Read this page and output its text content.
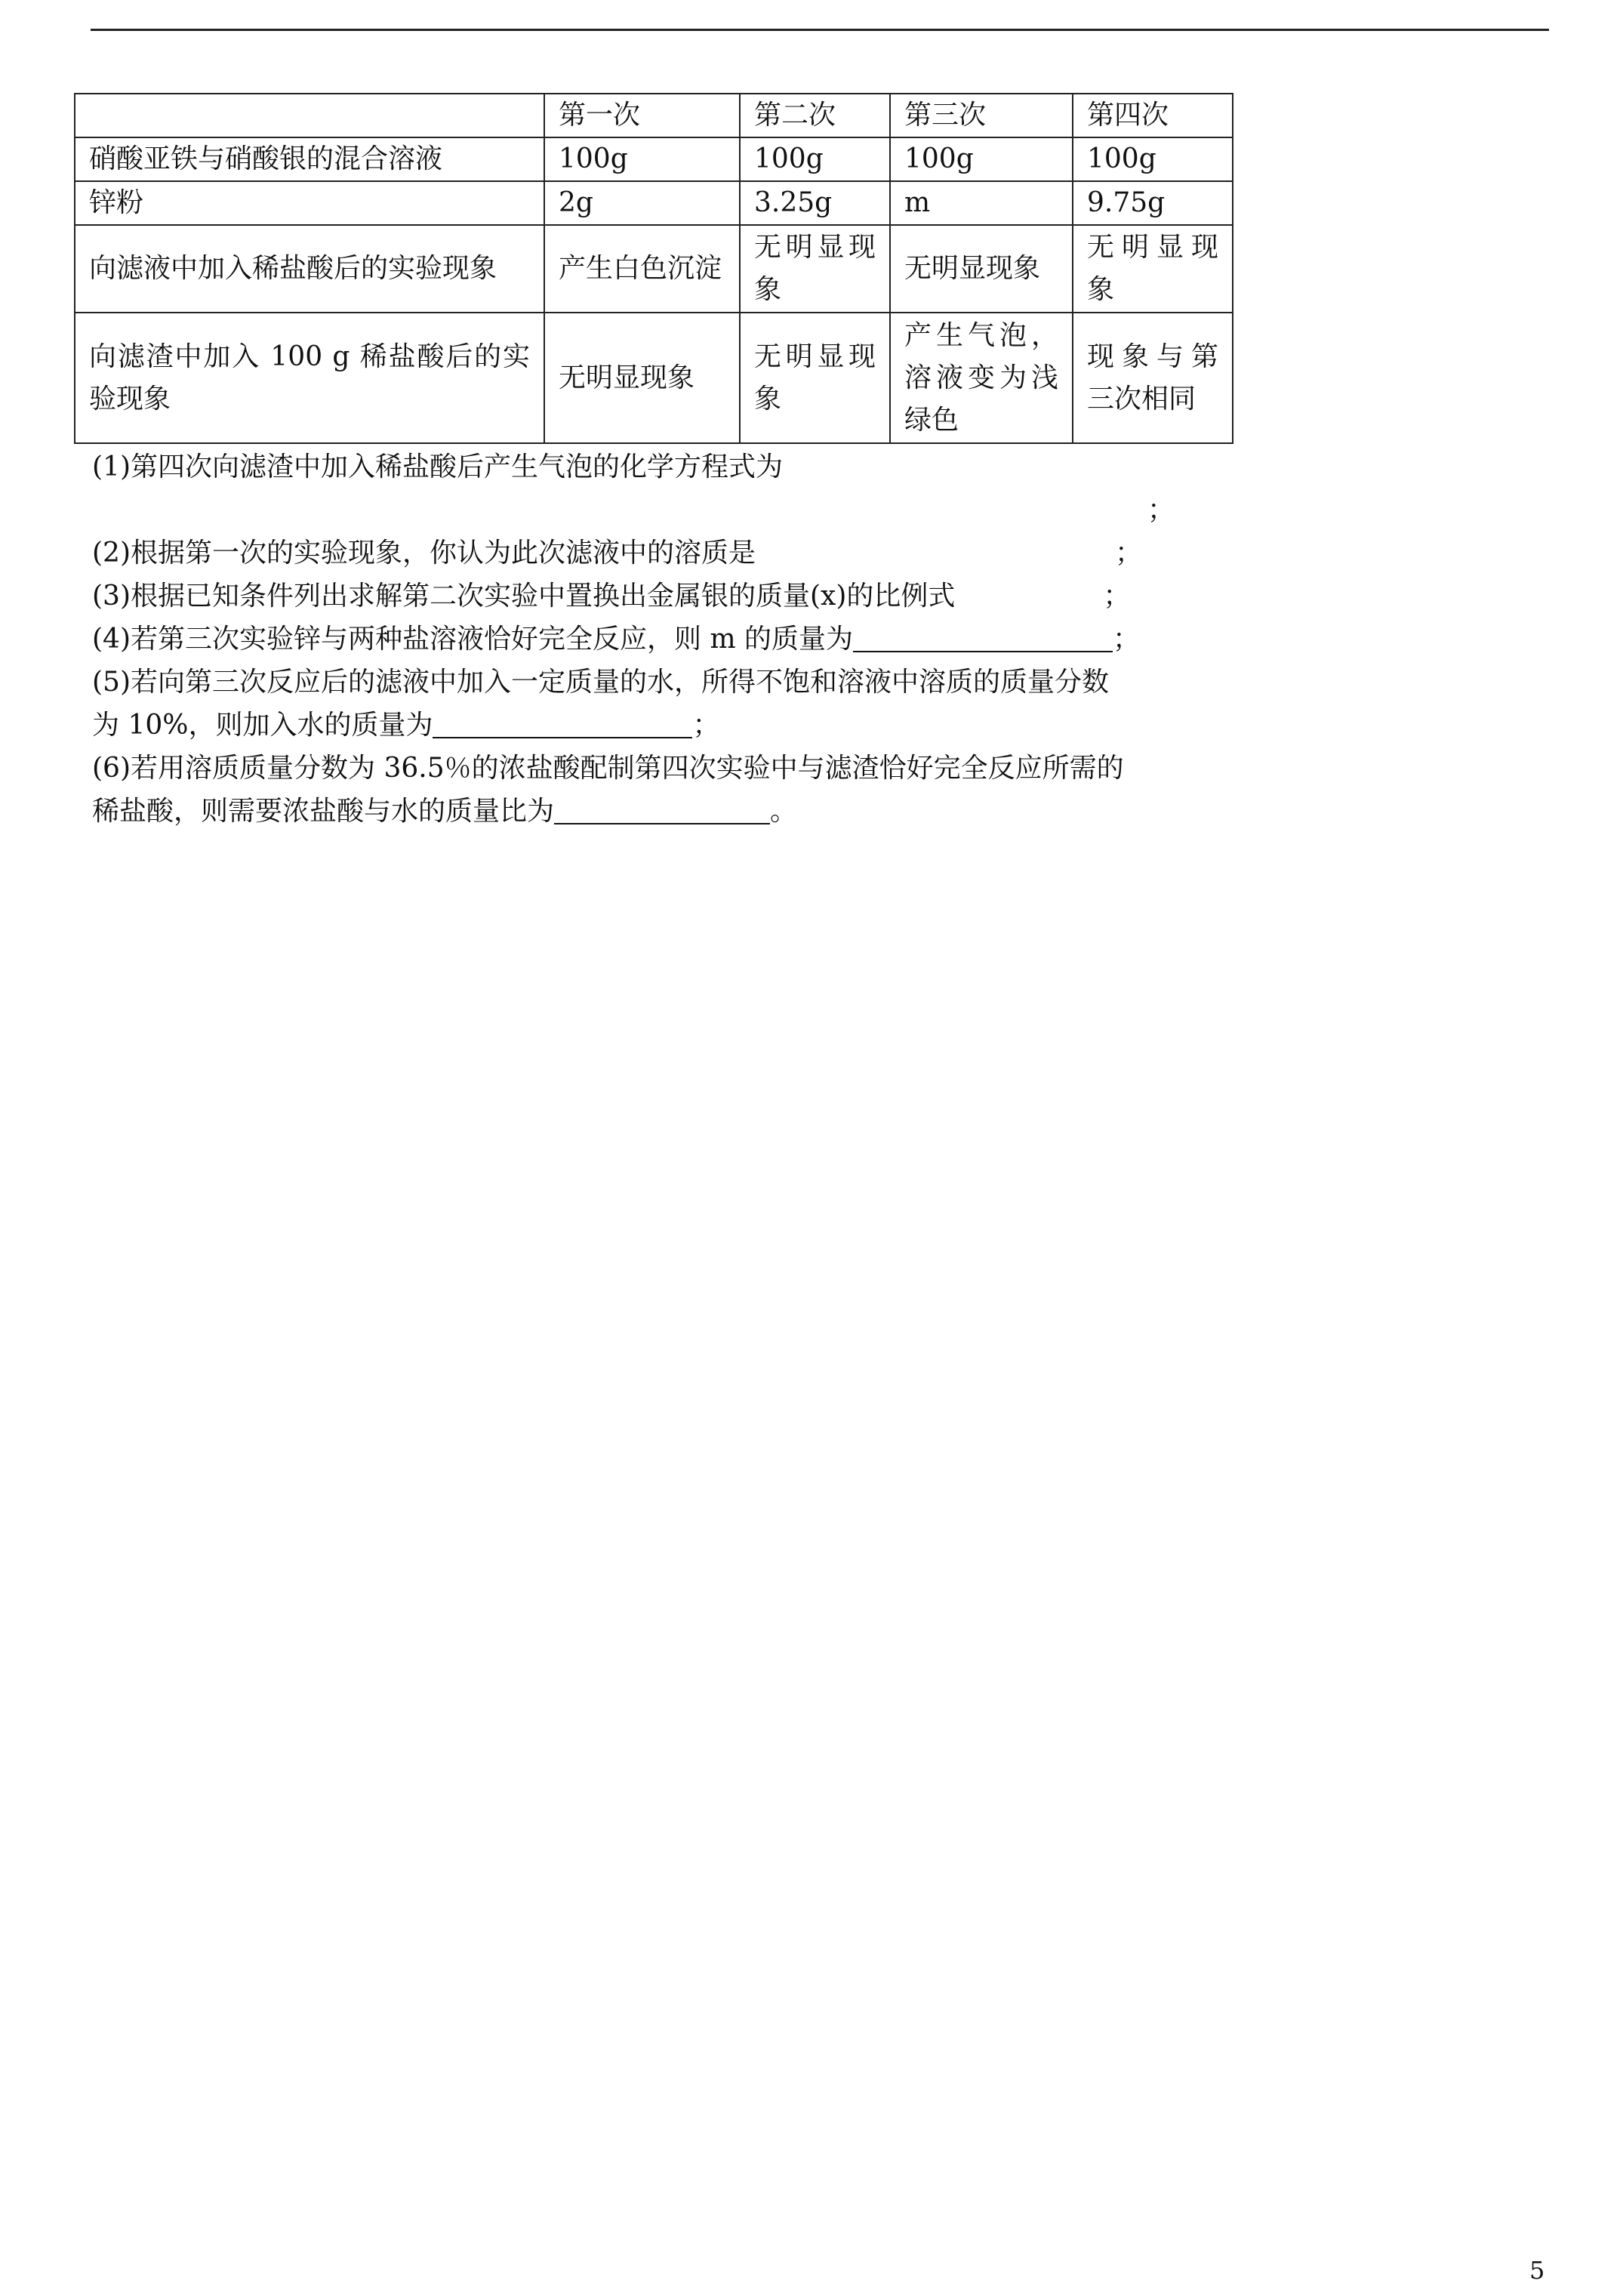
	第一次	第二次	第三次	第四次
硝酸亚铁与硝酸银的混合溶液	100g	100g	100g	100g
锌粉	2g	3.25g	m	9.75g
向滤液中加入稀盐酸后的实验现象	产生白色沉淀	无明显现象	无明显现象	无明显现象
向滤渣中加入 100 g 稀盐酸后的实验现象	无明显现象	无明显现象	产生气泡，溶液变为浅绿色	现象与第三次相同
(1)第四次向滤渣中加入稀盐酸后产生气泡的化学方程式为
；
(2)根据第一次的实验现象，你认为此次滤液中的溶质是	；
(3)根据已知条件列出求解第二次实验中置换出金属银的质量(x)的比例式	；
(4)若第三次实验锌与两种盐溶液恰好完全反应，则 m 的质量为	；
(5)若向第三次反应后的滤液中加入一定质量的水，所得不饱和溶液中溶质的质量分数
为 10%，则加入水的质量为	；
(6)若用溶质质量分数为 36.5％的浓盐酸配制第四次实验中与滤渣恰好完全反应所需的
稀盐酸，则需要浓盐酸与水的质量比为	。
5
